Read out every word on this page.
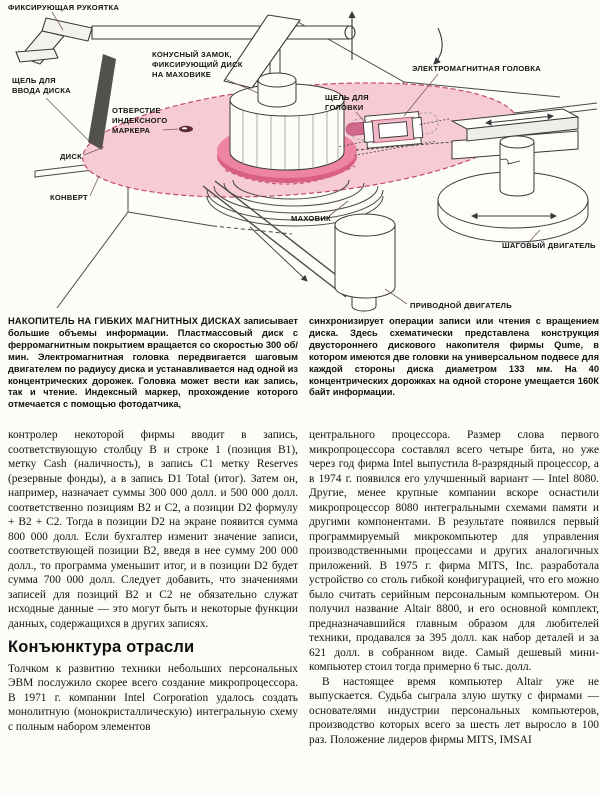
ФИКСИРУЮЩАЯ РУКОЯТКА
ЩЕЛЬ ДЛЯ
ВВОДА ДИСКА
КОНУСНЫЙ ЗАМОК,
ФИКСИРУЮЩИЙ ДИСК
НА МАХОВИКЕ
ОТВЕРСТИЕ
ИНДЕКСНОГО
МАРКЕРА
ЭЛЕКТРОМАГНИТНАЯ ГОЛОВКА
ЩЕЛЬ ДЛЯ
ГОЛОВКИ
ДИСК
КОНВЕРТ
МАХОВИК
ШАГОВЫЙ ДВИГАТЕЛЬ
ПРИВОДНОЙ ДВИГАТЕЛЬ
НАКОПИТЕЛЬ НА ГИБКИХ МАГНИТНЫХ ДИСКАХ записывает большие объемы информации. Пластмассовый диск с ферромагнитным покрытием вращается со скоростью 300 об/мин. Электромагнитная головка передвигается шаговым двигателем по радиусу диска и устанавливается над одной из концентрических дорожек. Головка может вести как запись, так и чтение. Индексный маркер, прохождение которого отмечается с помощью фотодатчика,

контролер некоторой фирмы вводит в запись, соответствующую столбцу B и строке 1 (позиция B1), метку Cash (наличность), в запись C1 метку Reserves (резервные фонды), а в запись D1 Total (итог). Затем он, например, назначает суммы 300 000 долл. и 500 000 долл. соответственно позициям B2 и C2, а позиции D2 формулу + B2 + C2. Тогда в позиции D2 на экране появится сумма 800 000 долл. Если бухгалтер изменит значение записи, соответствующей позиции B2, введя в нее сумму 200 000 долл., то программа уменьшит итог, и в позиции D2 будет сумма 700 000 долл. Следует добавить, что значениями записей для позиций B2 и C2 не обязательно служат исходные данные — это могут быть и некоторые функции данных, содержащихся в других записях.

Конъюнктура отрасли

Толчком к развитию техники небольших персональных ЭВМ послужило скорее всего создание микропроцессора. В 1971 г. компании Intel Corporation удалось создать монолитную (монокристаллическую) интегральную схему с полным набором элементов

синхронизирует операции записи или чтения с вращением диска. Здесь схематически представлена конструкция двустороннего дискового накопителя фирмы Qume, в котором имеются две головки на универсальном подвесе для каждой стороны диска диаметром 133 мм. На 40 концентрических дорожках на одной стороне умещается 160К байт информации.

центрального процессора. Размер слова первого микропроцессора составлял всего четыре бита, но уже через год фирма Intel выпустила 8-разрядный процессор, а в 1974 г. появился его улучшенный вариант — Intel 8080. Другие, менее крупные компании вскоре оснастили микропроцессор 8080 интегральными схемами памяти и другими компонентами. В результате появился первый программируемый микрокомпьютер для управления производственными процессами и других аналогичных приложений. В 1975 г. фирма MITS, Inc. разработала устройство со столь гибкой конфигурацией, что его можно было считать серийным персональным компьютером. Он получил название Altair 8800, и его основной комплект, предназначавшийся главным образом для любителей техники, продавался за 395 долл. как набор деталей и за 621 долл. в собранном виде. Самый дешевый мини-компьютер стоил тогда примерно 6 тыс. долл.

В настоящее время компьютер Altair уже не выпускается. Судьба сыграла злую шутку с фирмами — основателями индустрии персональных компьютеров, производство которых всего за шесть лет выросло в 100 раз. Положение лидеров фирмы MITS, IMSAI
